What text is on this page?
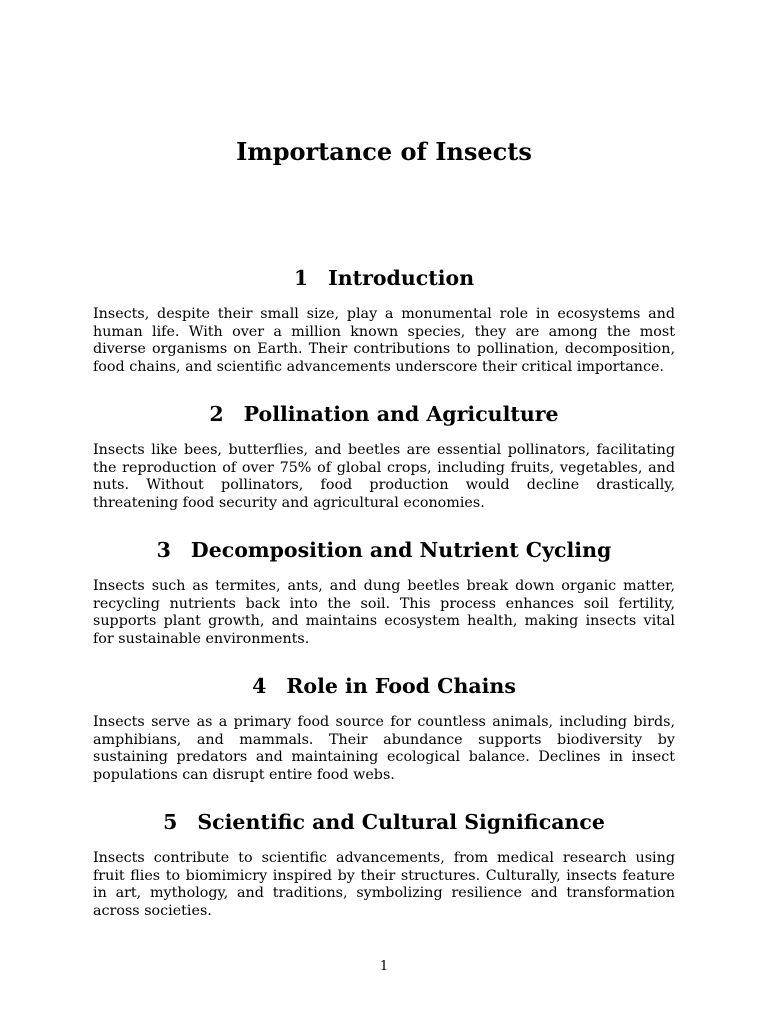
Importance of Insects
1 Introduction

Insects, despite their small size, play a monumental role in ecosystems and human life. With over a million known species, they are among the most diverse organisms on Earth. Their contributions to pollination, decomposition, food chains, and scientific advancements underscore their critical importance.

2 Pollination and Agriculture

Insects like bees, butterflies, and beetles are essential pollinators, facilitating the reproduction of over 75% of global crops, including fruits, vegetables, and nuts. Without pollinators, food production would decline drastically, threatening food security and agricultural economies.

3 Decomposition and Nutrient Cycling

Insects such as termites, ants, and dung beetles break down organic matter, recycling nutrients back into the soil. This process enhances soil fertility, supports plant growth, and maintains ecosystem health, making insects vital for sustainable environments.

4 Role in Food Chains

Insects serve as a primary food source for countless animals, including birds, amphibians, and mammals. Their abundance supports biodiversity by sustaining predators and maintaining ecological balance. Declines in insect populations can disrupt entire food webs.

5 Scientific and Cultural Significance

Insects contribute to scientific advancements, from medical research using fruit flies to biomimicry inspired by their structures. Culturally, insects feature in art, mythology, and traditions, symbolizing resilience and transformation across societies.

1
